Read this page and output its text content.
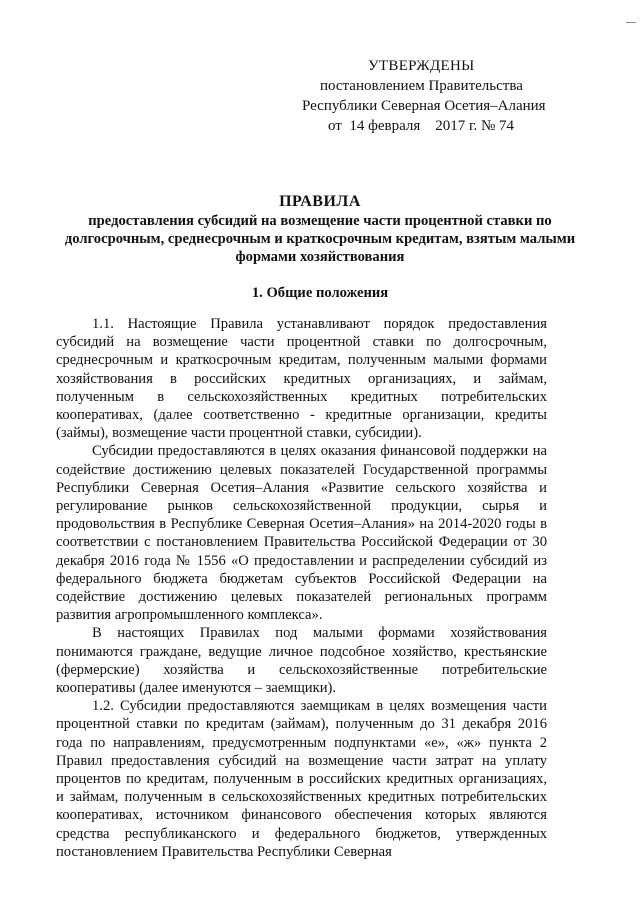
УТВЕРЖДЕНЫ
постановлением Правительства
Республики Северная Осетия–Алания
от  14 февраля    2017 г. № 74
ПРАВИЛА
предоставления субсидий на возмещение части процентной ставки по долгосрочным, среднесрочным и краткосрочным кредитам, взятым малыми формами хозяйствования
1. Общие положения

1.1. Настоящие Правила устанавливают порядок предоставления субсидий на возмещение части процентной ставки по долгосрочным, среднесрочным и краткосрочным кредитам, полученным малыми формами хозяйствования в российских кредитных организациях, и займам, полученным в сельскохозяйственных кредитных потребительских кооперативах, (далее соответственно - кредитные организации, кредиты (займы), возмещение части процентной ставки, субсидии).

Субсидии предоставляются в целях оказания финансовой поддержки на содействие достижению целевых показателей Государственной программы Республики Северная Осетия–Алания «Развитие сельского хозяйства и регулирование рынков сельскохозяйственной продукции, сырья и продовольствия в Республике Северная Осетия–Алания» на 2014-2020 годы в соответствии с постановлением Правительства Российской Федерации от 30 декабря 2016 года № 1556 «О предоставлении и распределении субсидий из федерального бюджета бюджетам субъектов Российской Федерации на содействие достижению целевых показателей региональных программ развития агропромышленного комплекса».

В настоящих Правилах под малыми формами хозяйствования понимаются граждане, ведущие личное подсобное хозяйство, крестьянские (фермерские) хозяйства и сельскохозяйственные потребительские кооперативы (далее именуются – заемщики).

1.2. Субсидии предоставляются заемщикам в целях возмещения части процентной ставки по кредитам (займам), полученным до 31 декабря 2016 года по направлениям, предусмотренным подпунктами «е», «ж» пункта 2 Правил предоставления субсидий на возмещение части затрат на уплату процентов по кредитам, полученным в российских кредитных организациях, и займам, полученным в сельскохозяйственных кредитных потребительских кооперативах, источником финансового обеспечения которых являются средства республиканского и федерального бюджетов, утвержденных постановлением Правительства Республики Северная
